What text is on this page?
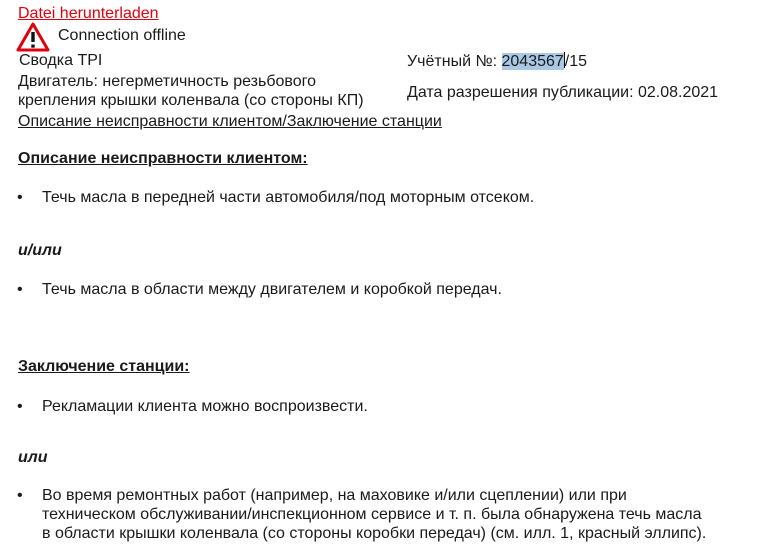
Datei herunterladen
Connection offline
Сводка TPI	Учётный №: 2043567/15
Двигатель: негерметичность резьбового
крепления крышки коленвала (со стороны КП)	Дата разрешения публикации: 02.08.2021
Описание неисправности клиентом/Заключение станции
Описание неисправности клиентом:
• Течь масла в передней части автомобиля/под моторным отсеком.
и/или
• Течь масла в области между двигателем и коробкой передач.
Заключение станции:
• Рекламации клиента можно воспроизвести.
или
• Во время ремонтных работ (например, на маховике и/или сцеплении) или при
техническом обслуживании/инспекционном сервисе и т. п. была обнаружена течь масла
в области крышки коленвала (со стороны коробки передач) (см. илл. 1, красный эллипс).
